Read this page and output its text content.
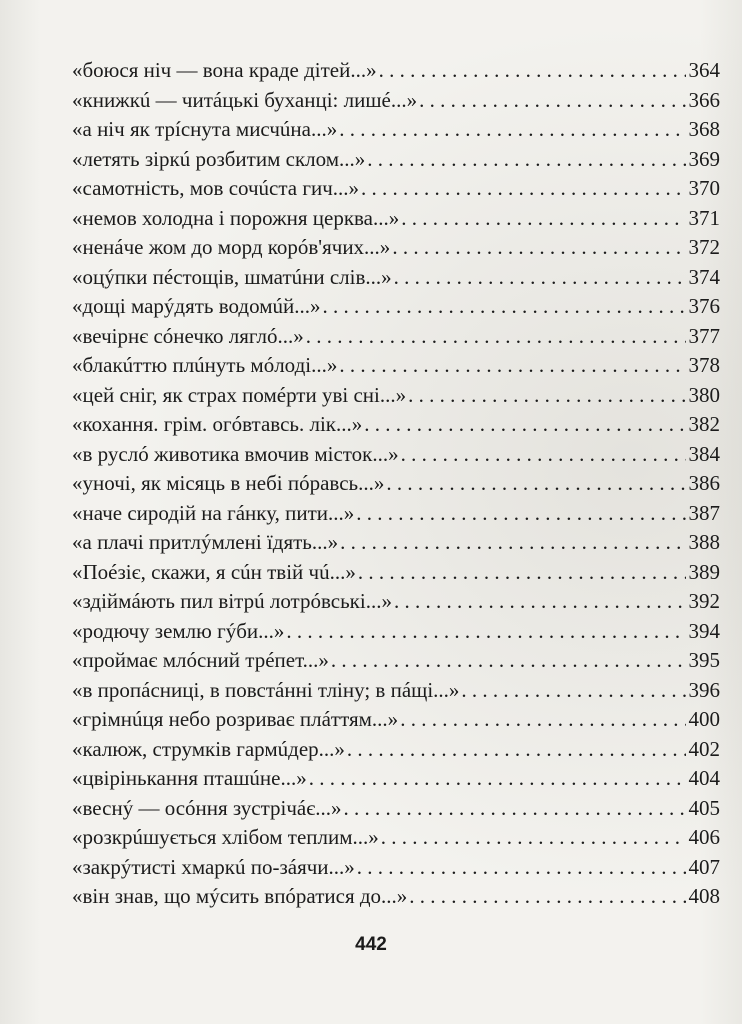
«боюся ніч — вона краде дітей...» . . .	364
«книжкú — читáцькі буханці: лишé...» . . .	366
«а ніч як трíснута мисчúна...» . . .	368
«летять зіркú розбитим склом...» . . .	369
«самотність, мов сочúста гич...» . . .	370
«немов холодна і порожня церква...» . . .	371
«ненáче жом до морд корóв'ячих...» . . .	372
«оцýпки пéстощів, шматúни слів...» . . .	374
«дощі марýдять водомúй...» . . .	376
«вечірнє сóнечко ляглó...» . . .	377
«блакúттю плúнуть мóлоді...» . . .	378
«цей сніг, як страх помéрти уві сні...» . . .	380
«кохання. грім. огóвтавсь. лік...» . . .	382
«в руслó животика вмочив місток...» . . .	384
«уночі, як місяць в небі пóравсь...» . . .	386
«наче сиродій на гáнку, пити...» . . .	387
«а плачі притлýмлені їдять...» . . .	388
«Поéзіє, скажи, я сúн твій чú...» . . .	389
«здіймáють пил вітрú лотрóвські...» . . .	392
«родючу землю гýби...» . . .	394
«проймає млóсний трéпет...» . . .	395
«в пропáсниці, в повстáнні тліну; в пáщі...» . . .	396
«грімнúця небо розриває плáттям...» . . .	400
«калюж, струмків гармúдер...» . . .	402
«цвірінькання пташúне...» . . .	404
«веснý — осóння зустрічáє...» . . .	405
«розкрúшується хлібом теплим...» . . .	406
«закрýтисті хмаркú по-зáячи...» . . .	407
«він знав, що мýсить впóратися до...» . . .	408
442
